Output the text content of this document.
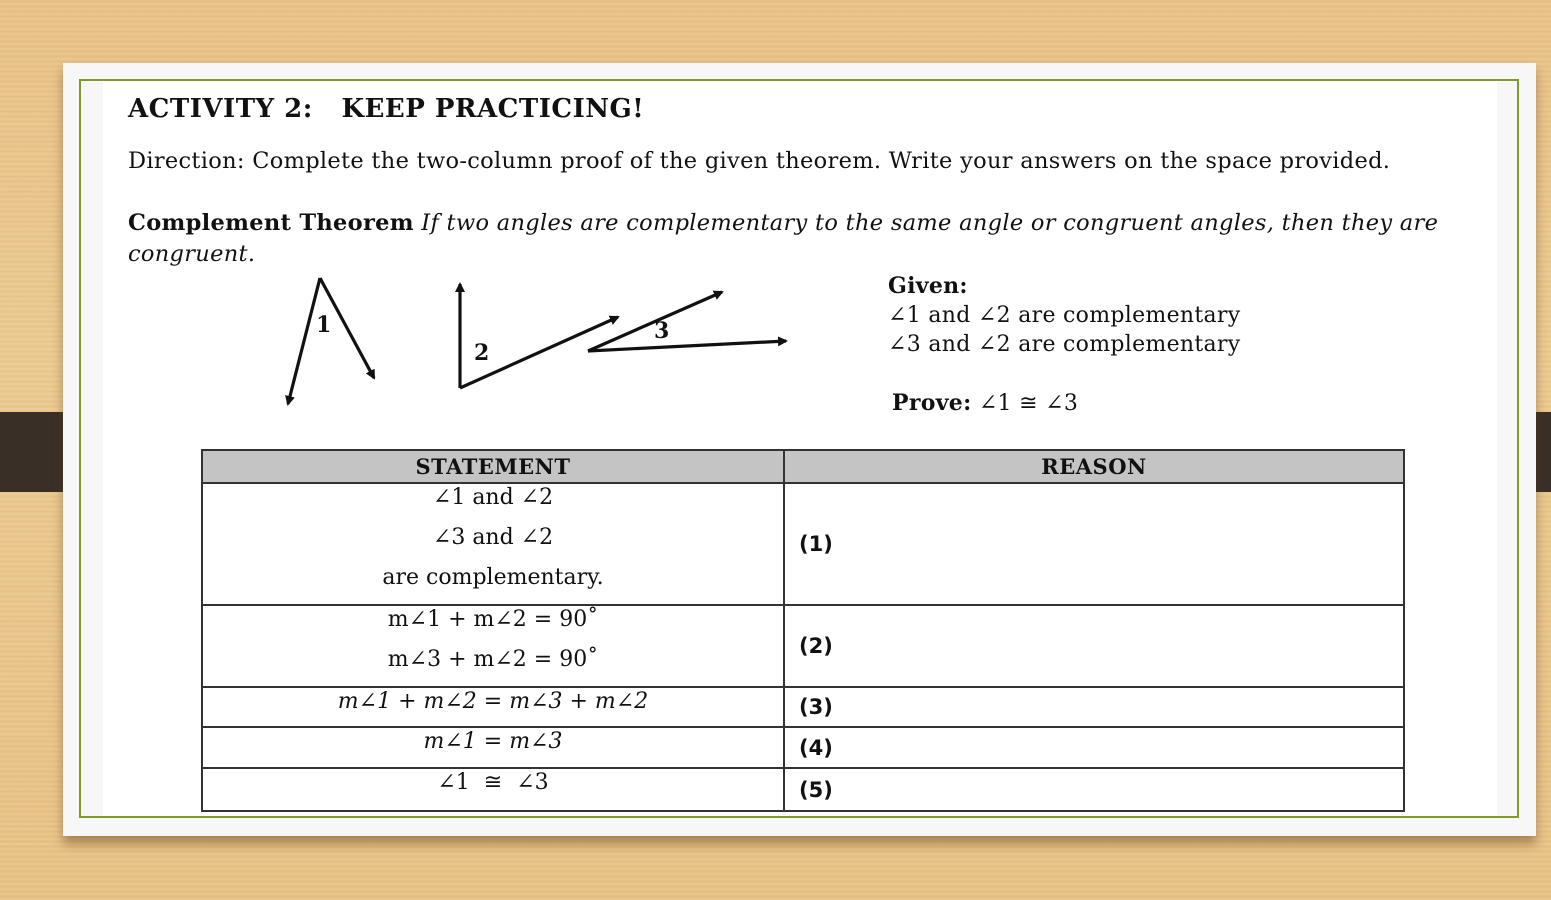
ACTIVITY 2:   KEEP PRACTICING!
Direction: Complete the two-column proof of the given theorem. Write your answers on the space provided.
Complement Theorem If two angles are complementary to the same angle or congruent angles, then they are congruent.
1
2
3
Given:
∠1 and ∠2 are complementary
∠3 and ∠2 are complementary
Prove: ∠1 ≅ ∠3
STATEMENT	REASON

∠1 and ∠2
∠3 and ∠2
are complementary.	(1)

m∠1 + m∠2 = 90˚
m∠3 + m∠2 = 90˚	(2)

m∠1 + m∠2 = m∠3 + m∠2	(3)

m∠1 = m∠3	(4)

∠1  ≅  ∠3	(5)
